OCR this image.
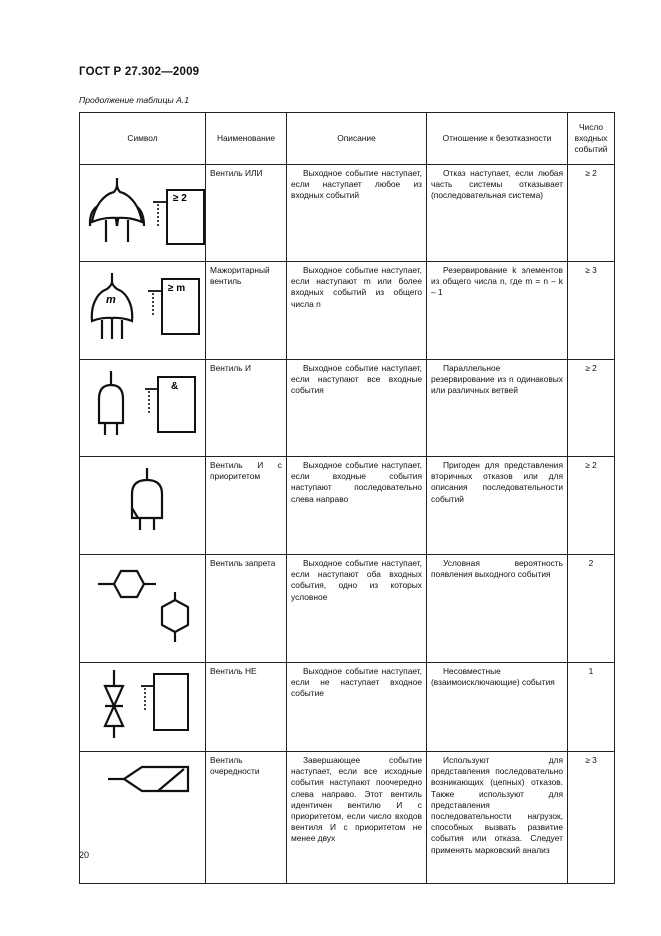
ГОСТ Р 27.302—2009
Продолжение таблицы А.1
Символ	Наименование	Описание	Отношение к безотказности	Число входных событий

≥ 2	Вентиль ИЛИ	Выходное событие наступает, если наступает любое из входных событий	Отказ наступает, если любая часть системы отказывает (последовательная система)	≥ 2

m
≥ m	Мажоритарный вентиль	Выходное событие наступает, если наступают m или более входных событий из общего числа n	Резервирование k элементов из общего числа n, где m = n – k – 1	≥ 3

&	Вентиль И	Выходное событие наступает, если наступают все входные события	Параллельное резервирование из n одинаковых или различных ветвей	≥ 2

	Вентиль И с приоритетом	Выходное событие наступает, если входные события наступают последовательно слева направо	Пригоден для представления вторичных отказов или для описания последовательности событий	≥ 2

	Вентиль запрета	Выходное событие наступает, если наступают оба входных события, одно из которых условное	Условная вероятность появления выходного события	2

	Вентиль НЕ	Выходное событие наступает, если не наступает входное событие	Несовместные (взаимоисключающие) события	1

	Вентиль очередности	Завершающее событие наступает, если все исходные события наступают поочередно слева направо. Этот вентиль идентичен вентилю И с приоритетом, если число входов вентиля И с приоритетом не менее двух	Используют для представления последовательно возникающих (цепных) отказов. Также используют для представления последовательности нагрузок, способных вызвать развитие события или отказа. Следует применять марковский анализ	≥ 3
20
